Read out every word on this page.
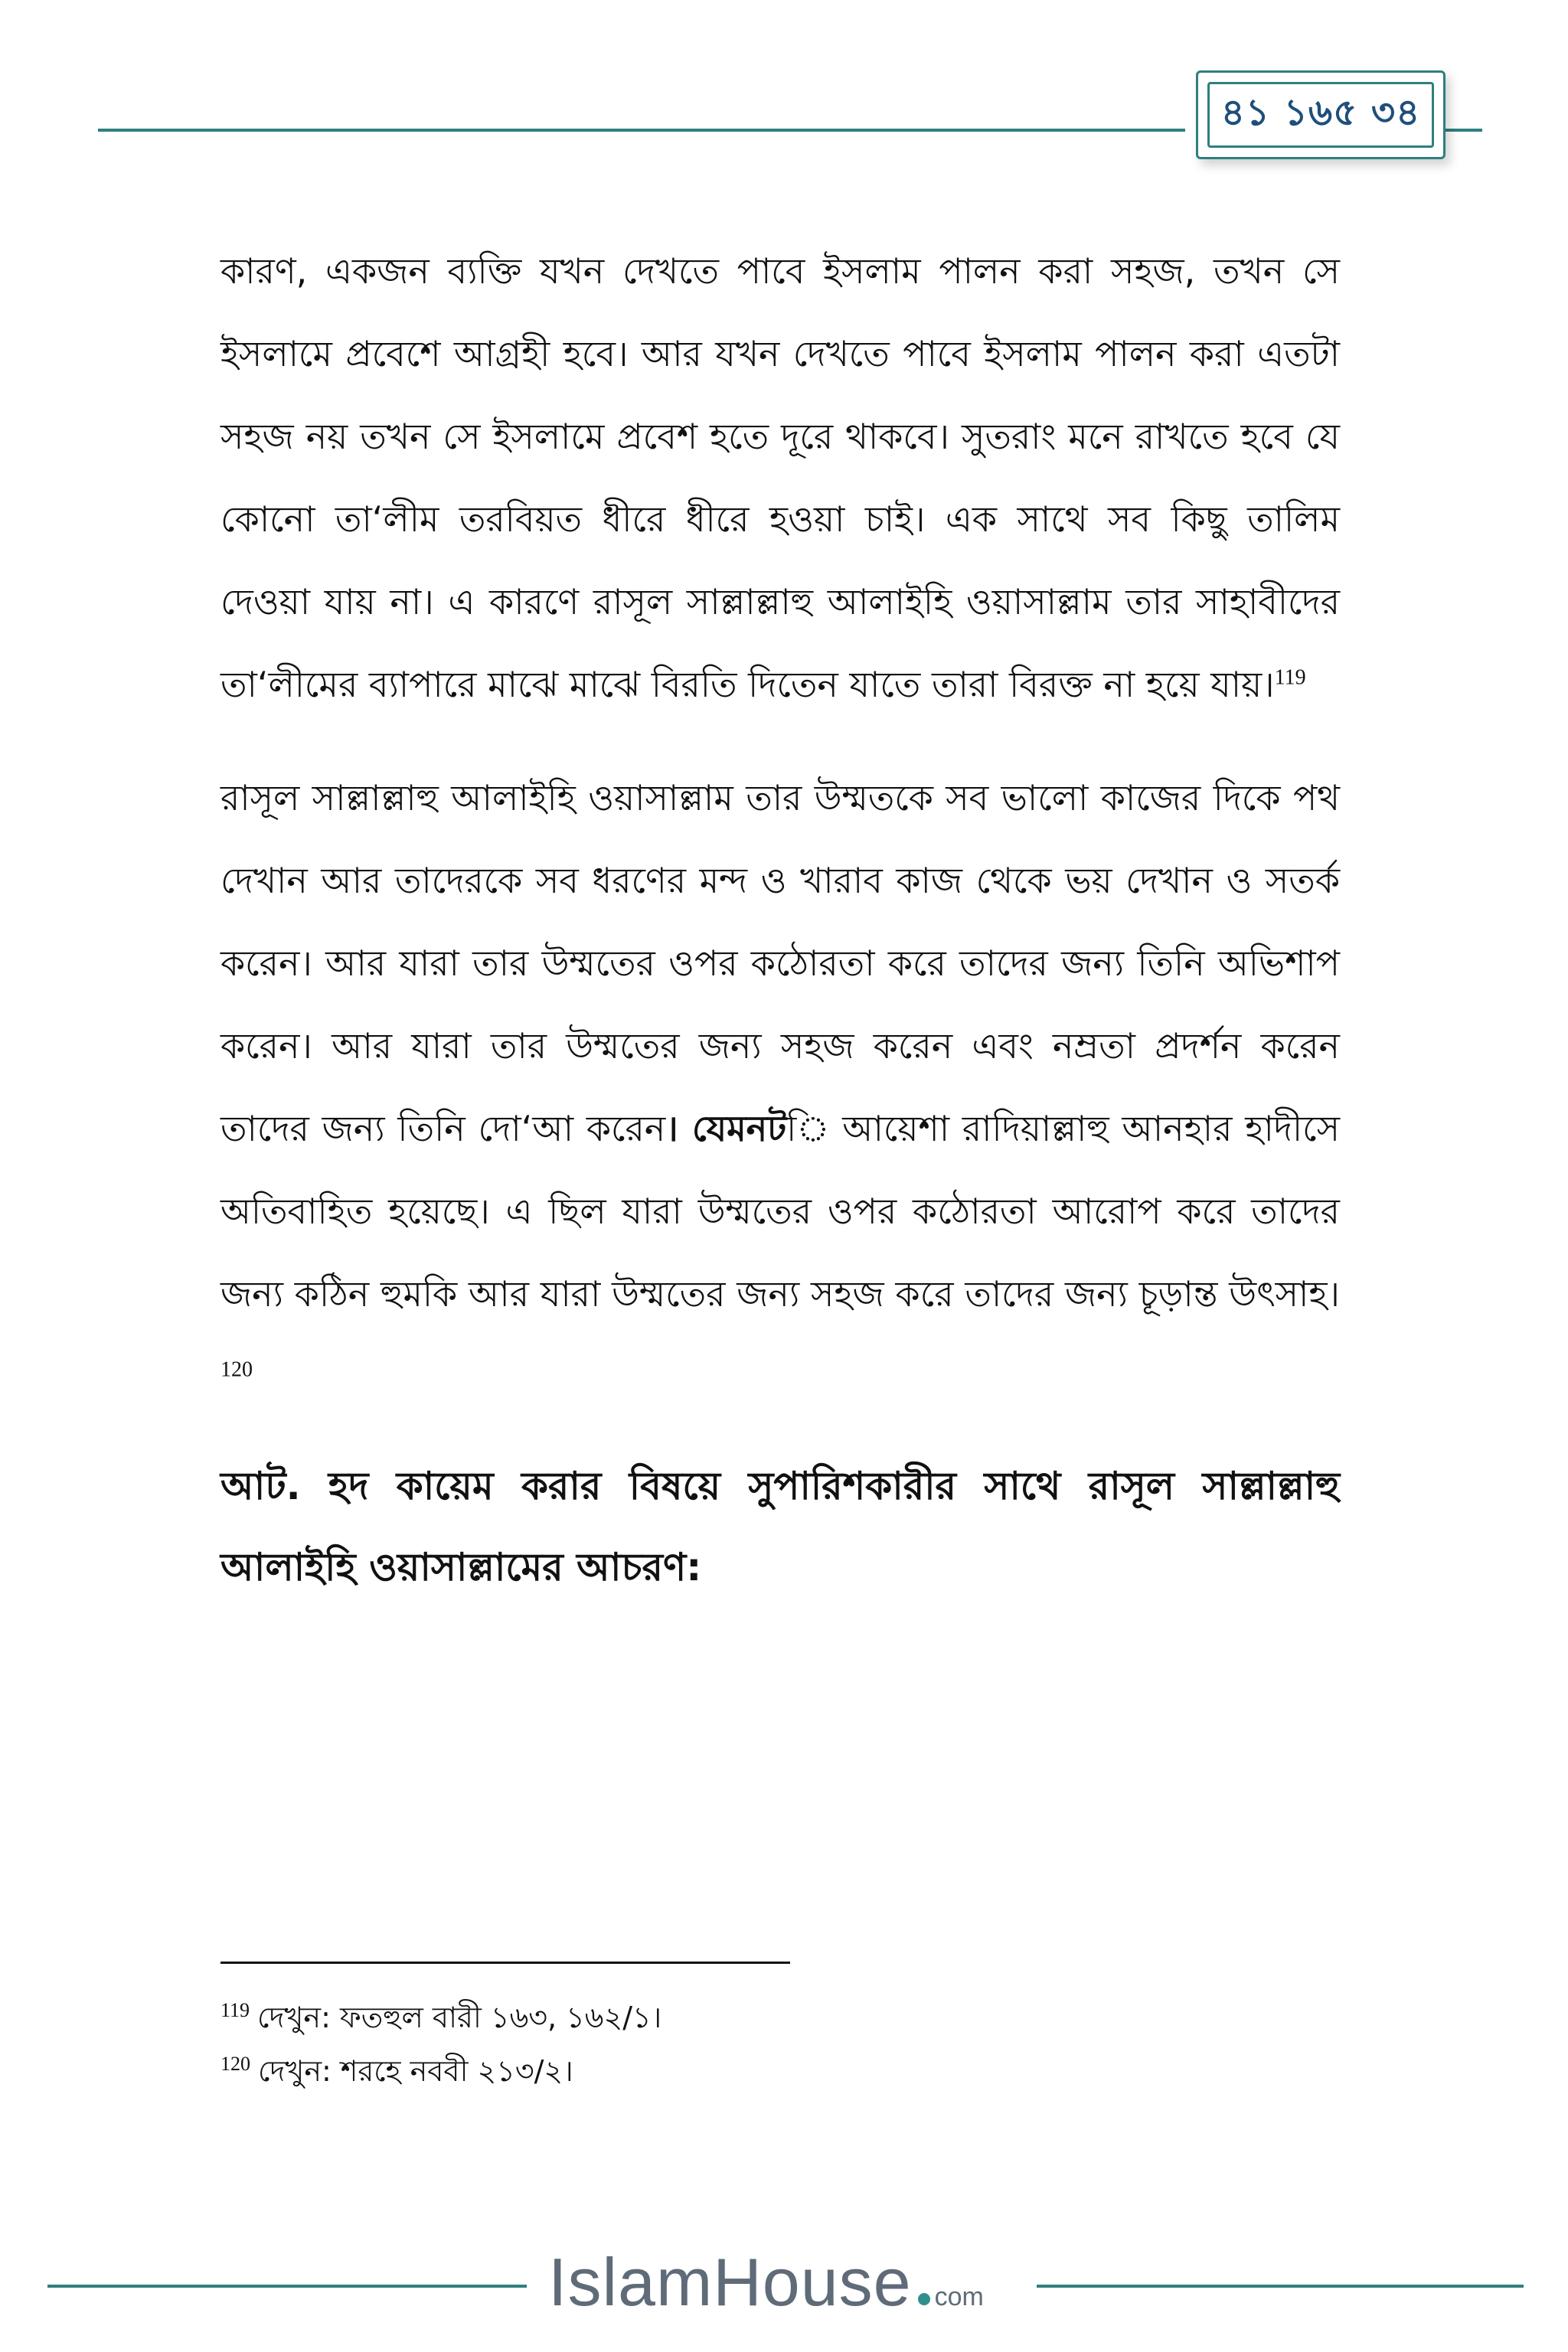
৪১ ১৬৫ ৩৪

কারণ, একজন ব্যক্তি যখন দেখতে পাবে ইসলাম পালন করা সহজ, তখন সে ইসলামে প্রবেশে আগ্রহী হবে। আর যখন দেখতে পাবে ইসলাম পালন করা এতটা সহজ নয় তখন সে ইসলামে প্রবেশ হতে দূরে থাকবে। সুতরাং মনে রাখতে হবে যে কোনো তা‘লীম তরবিয়ত ধীরে ধীরে হওয়া চাই। এক সাথে সব কিছু তালিম দেওয়া যায় না। এ কারণে রাসূল সাল্লাল্লাহু আলাইহি ওয়াসাল্লাম তার সাহাবীদের তা‘লীমের ব্যাপারে মাঝে মাঝে বিরতি দিতেন যাতে তারা বিরক্ত না হয়ে যায়।$^{119}$

রাসূল সাল্লাল্লাহু আলাইহি ওয়াসাল্লাম তার উম্মতকে সব ভালো কাজের দিকে পথ দেখান আর তাদেরকে সব ধরণের মন্দ ও খারাব কাজ থেকে ভয় দেখান ও সতর্ক করেন। আর যারা তার উম্মতের ওপর কঠোরতা করে তাদের জন্য তিনি অভিশাপ করেন। আর যারা তার উম্মতের জন্য সহজ করেন এবং নম্রতা প্রদর্শন করেন তাদের জন্য তিনি দো‘আ করেন। যেমনটি আয়েশা রাদিয়াল্লাহু আনহার হাদীসে অতিবাহিত হয়েছে। এ ছিল যারা উম্মতের ওপর কঠোরতা আরোপ করে তাদের জন্য কঠিন হুমকি আর যারা উম্মতের জন্য সহজ করে তাদের জন্য চূড়ান্ত উৎসাহ।$^{120}$

আট. হদ কায়েম করার বিষয়ে সুপারিশকারীর সাথে রাসূল সাল্লাল্লাহু আলাইহি ওয়াসাল্লামের আচরণ:

$^{119}$ দেখুন: ফতহুল বারী ১৬৩, ১৬২/১।

$^{120}$ দেখুন: শরহে নববী ২১৩/২।

IslamHouse com
